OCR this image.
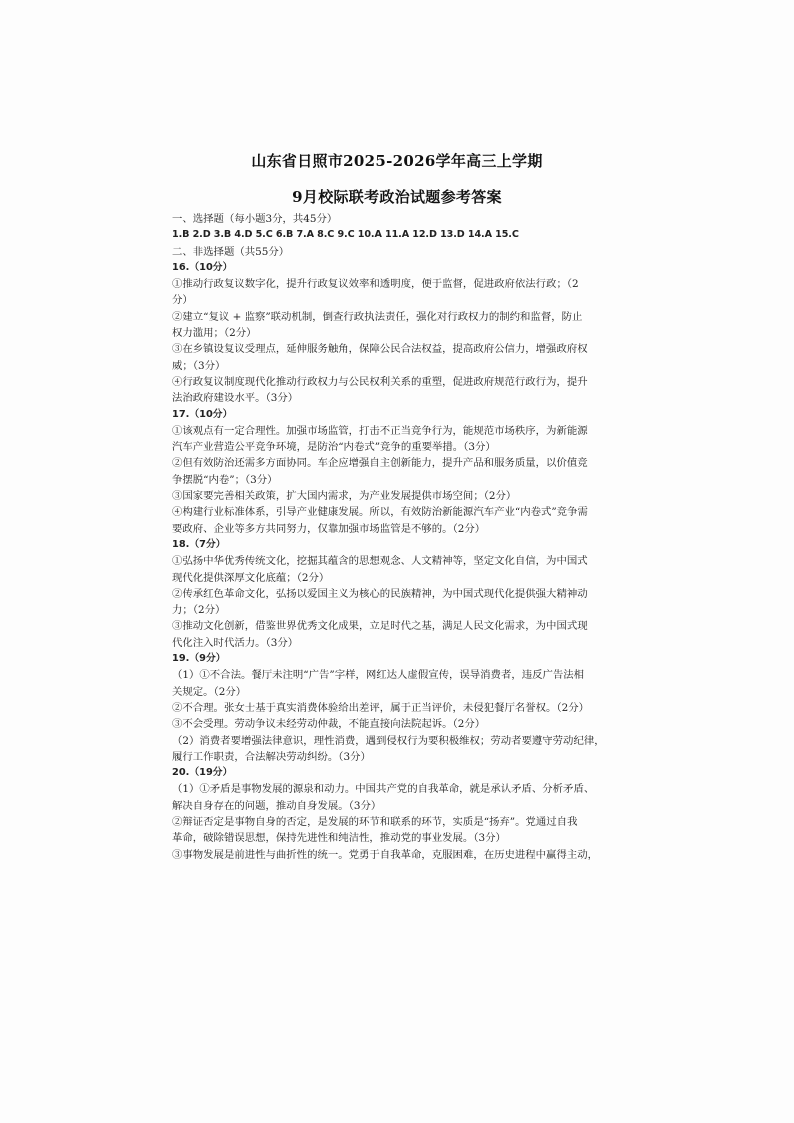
山东省日照市2025-2026学年高三上学期
9月校际联考政治试题参考答案
一、选择题（每小题3分，共45分）
1.B 2.D 3.B 4.D 5.C 6.B 7.A 8.C 9.C 10.A 11.A 12.D 13.D 14.A 15.C
二、非选择题（共55分）
16.（10分）
①推动行政复议数字化，提升行政复议效率和透明度，便于监督，促进政府依法行政；（2
分）
②建立“复议 + 监察”联动机制，倒查行政执法责任，强化对行政权力的制约和监督，防止
权力滥用；（2分）
③在乡镇设复议受理点，延伸服务触角，保障公民合法权益，提高政府公信力，增强政府权
威；（3分）
④行政复议制度现代化推动行政权力与公民权利关系的重塑，促进政府规范行政行为，提升
法治政府建设水平。（3分）
17.（10分）
①该观点有一定合理性。加强市场监管，打击不正当竞争行为，能规范市场秩序，为新能源
汽车产业营造公平竞争环境，是防治“内卷式”竞争的重要举措。（3分）
②但有效防治还需多方面协同。车企应增强自主创新能力，提升产品和服务质量，以价值竞
争摆脱“内卷”；（3分）
③国家要完善相关政策，扩大国内需求，为产业发展提供市场空间；（2分）
④构建行业标准体系，引导产业健康发展。所以，有效防治新能源汽车产业“内卷式”竞争需
要政府、企业等多方共同努力，仅靠加强市场监管是不够的。（2分）
18.（7分）
①弘扬中华优秀传统文化，挖掘其蕴含的思想观念、人文精神等，坚定文化自信，为中国式
现代化提供深厚文化底蕴；（2分）
②传承红色革命文化，弘扬以爱国主义为核心的民族精神，为中国式现代化提供强大精神动
力；（2分）
③推动文化创新，借鉴世界优秀文化成果，立足时代之基，满足人民文化需求，为中国式现
代化注入时代活力。（3分）
19.（9分）
（1）①不合法。餐厅未注明“广告”字样，网红达人虚假宣传，误导消费者，违反广告法相
关规定。（2分）
②不合理。张女士基于真实消费体验给出差评，属于正当评价，未侵犯餐厅名誉权。（2分）
③不会受理。劳动争议未经劳动仲裁，不能直接向法院起诉。（2分）
（2）消费者要增强法律意识，理性消费，遇到侵权行为要积极维权；劳动者要遵守劳动纪律，
履行工作职责，合法解决劳动纠纷。（3分）
20.（19分）
（1）①矛盾是事物发展的源泉和动力。中国共产党的自我革命，就是承认矛盾、分析矛盾、
解决自身存在的问题，推动自身发展。（3分）
②辩证否定是事物自身的否定，是发展的环节和联系的环节，实质是“扬弃”。党通过自我
革命，破除错误思想，保持先进性和纯洁性，推动党的事业发展。（3分）
③事物发展是前进性与曲折性的统一。党勇于自我革命，克服困难，在历史进程中赢得主动，
